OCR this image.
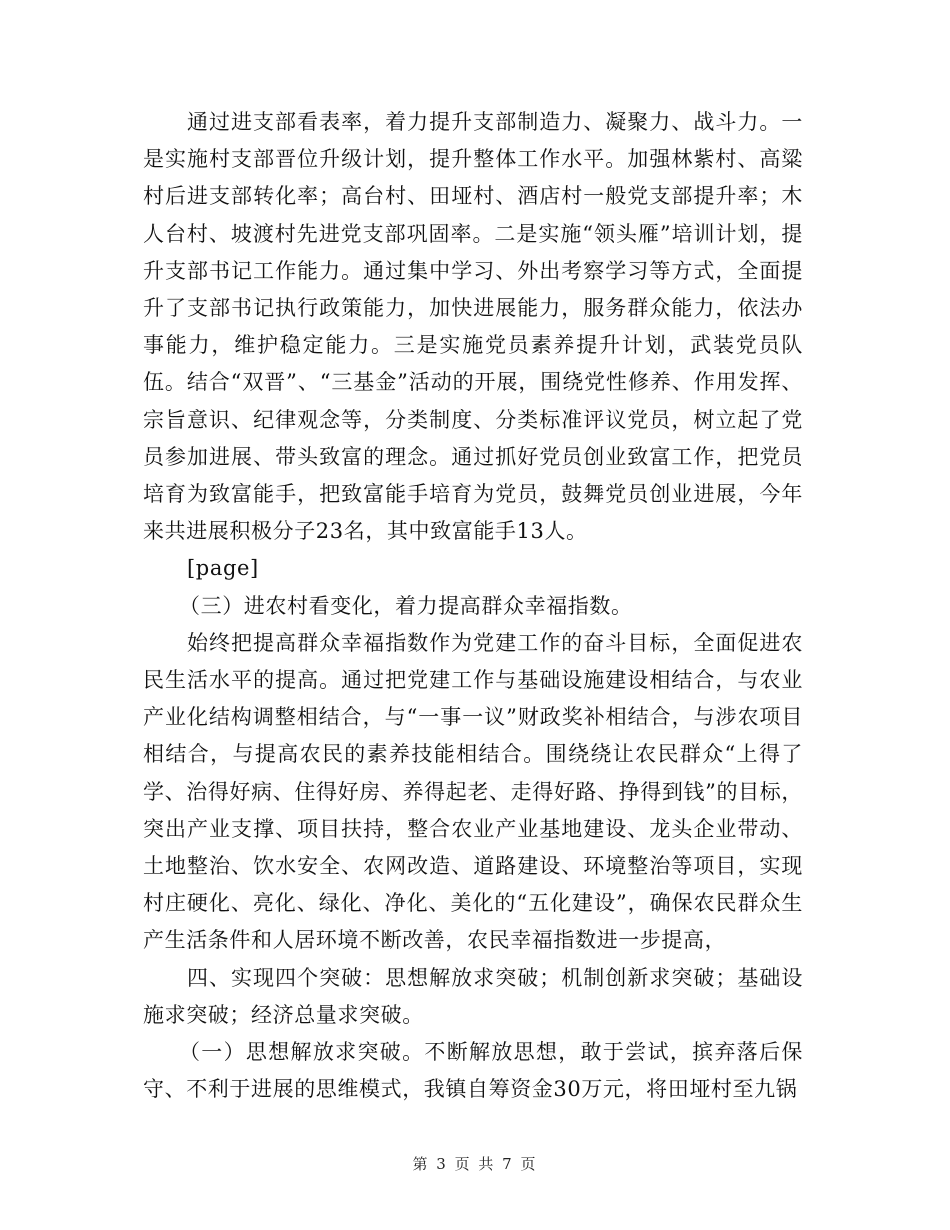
通过进支部看表率，着力提升支部制造力、凝聚力、战斗力。一是实施村支部晋位升级计划，提升整体工作水平。加强林紫村、高粱村后进支部转化率；高台村、田垭村、酒店村一般党支部提升率；木人台村、坡渡村先进党支部巩固率。二是实施“领头雁”培训计划，提升支部书记工作能力。通过集中学习、外出考察学习等方式，全面提升了支部书记执行政策能力，加快进展能力，服务群众能力，依法办事能力，维护稳定能力。三是实施党员素养提升计划，武装党员队伍。结合“双晋”、“三基金”活动的开展，围绕党性修养、作用发挥、宗旨意识、纪律观念等，分类制度、分类标准评议党员，树立起了党员参加进展、带头致富的理念。通过抓好党员创业致富工作，把党员培育为致富能手，把致富能手培育为党员，鼓舞党员创业进展，今年来共进展积极分子23名，其中致富能手13人。

[page]

（三）进农村看变化，着力提高群众幸福指数。

始终把提高群众幸福指数作为党建工作的奋斗目标，全面促进农民生活水平的提高。通过把党建工作与基础设施建设相结合，与农业产业化结构调整相结合，与“一事一议”财政奖补相结合，与涉农项目相结合，与提高农民的素养技能相结合。围绕绕让农民群众“上得了学、治得好病、住得好房、养得起老、走得好路、挣得到钱”的目标，突出产业支撑、项目扶持，整合农业产业基地建设、龙头企业带动、土地整治、饮水安全、农网改造、道路建设、环境整治等项目，实现村庄硬化、亮化、绿化、净化、美化的“五化建设”，确保农民群众生产生活条件和人居环境不断改善，农民幸福指数进一步提高，

四、实现四个突破：思想解放求突破；机制创新求突破；基础设施求突破；经济总量求突破。

（一）思想解放求突破。不断解放思想，敢于尝试，摈弃落后保守、不利于进展的思维模式，我镇自筹资金30万元，将田垭村至九锅

第 3 页 共 7 页
